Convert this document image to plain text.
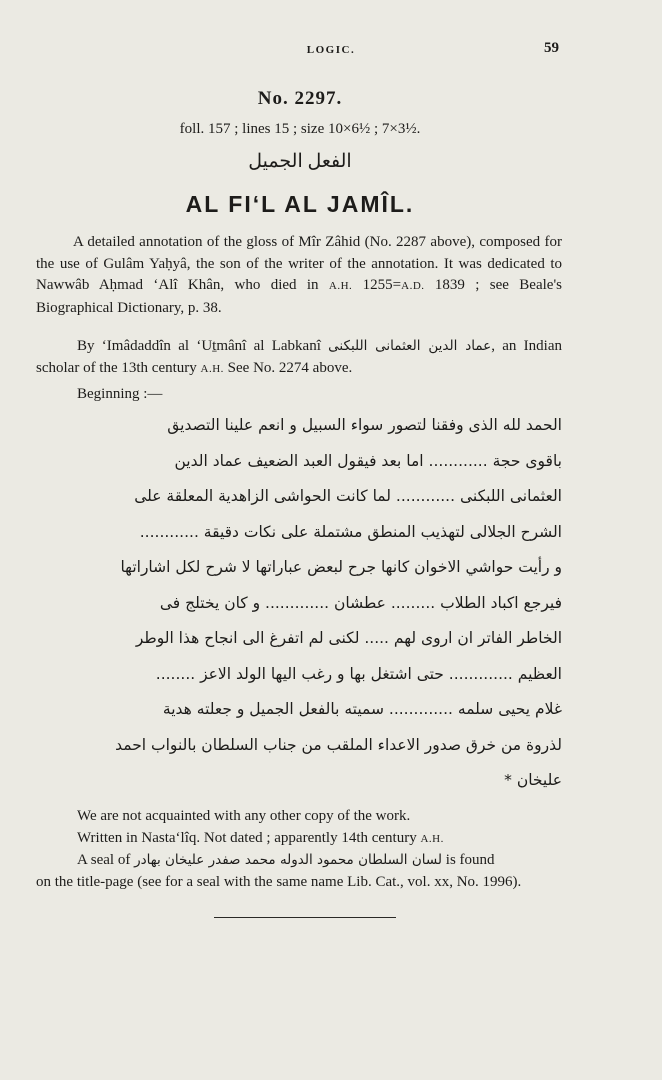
LOGIC.	59
No. 2297.
foll. 157 ; lines 15 ; size 10×6½ ; 7×3½.
الفعل الجميل
AL FI‘L AL JAMÎL.
A detailed annotation of the gloss of Mîr Zâhid (No. 2287 above), composed for the use of Gulâm Yaḥyâ, the son of the writer of the annotation. It was dedicated to Nawwâb Aḥmad ‘Alî Khân, who died in A.H. 1255=A.D. 1839 ; see Beale's Biographical Dictionary, p. 38.
By ‘Imâdaddîn al ‘Uṯmânî al Labkanî عماد الدين العثمانى اللبكنى, an Indian scholar of the 13th century A.H. See No. 2274 above.
Beginning :—
الحمد لله الذى وفقنا لتصور سواء السبيل و انعم علينا التصديق
باقوى حجة ............ اما بعد فيقول العبد الضعيف عماد الدين
العثمانى اللبكنى ............ لما كانت الحواشى الزاهدية المعلقة على
الشرح الجلالى لتهذيب المنطق مشتملة على نكات دقيقة ............
و رأيت حواشي الاخوان كانها جرح لبعض عباراتها لا شرح لكل اشاراتها
فيرجع اكباد الطلاب ......... عطشان ............. و كان يختلج فى
الخاطر الفاتر ان اروى لهم ..... لكنى لم اتفرغ الى انجاح هذا الوطر
العظيم ............. حتى اشتغل بها و رغب اليها الولد الاعز ........
غلام يحيى سلمه ............. سميته بالفعل الجميل و جعلته هدية
لذروة من خرق صدور الاعداء الملقب من جناب السلطان بالنواب احمد
عليخان *
We are not acquainted with any other copy of the work.
Written in Nasta‘lîq. Not dated ; apparently 14th century A.H.
A seal of لسان السلطان محمود الدوله محمد صفدر عليخان بهادر is found
on the title-page (see for a seal with the same name Lib. Cat., vol. xx, No. 1996).
